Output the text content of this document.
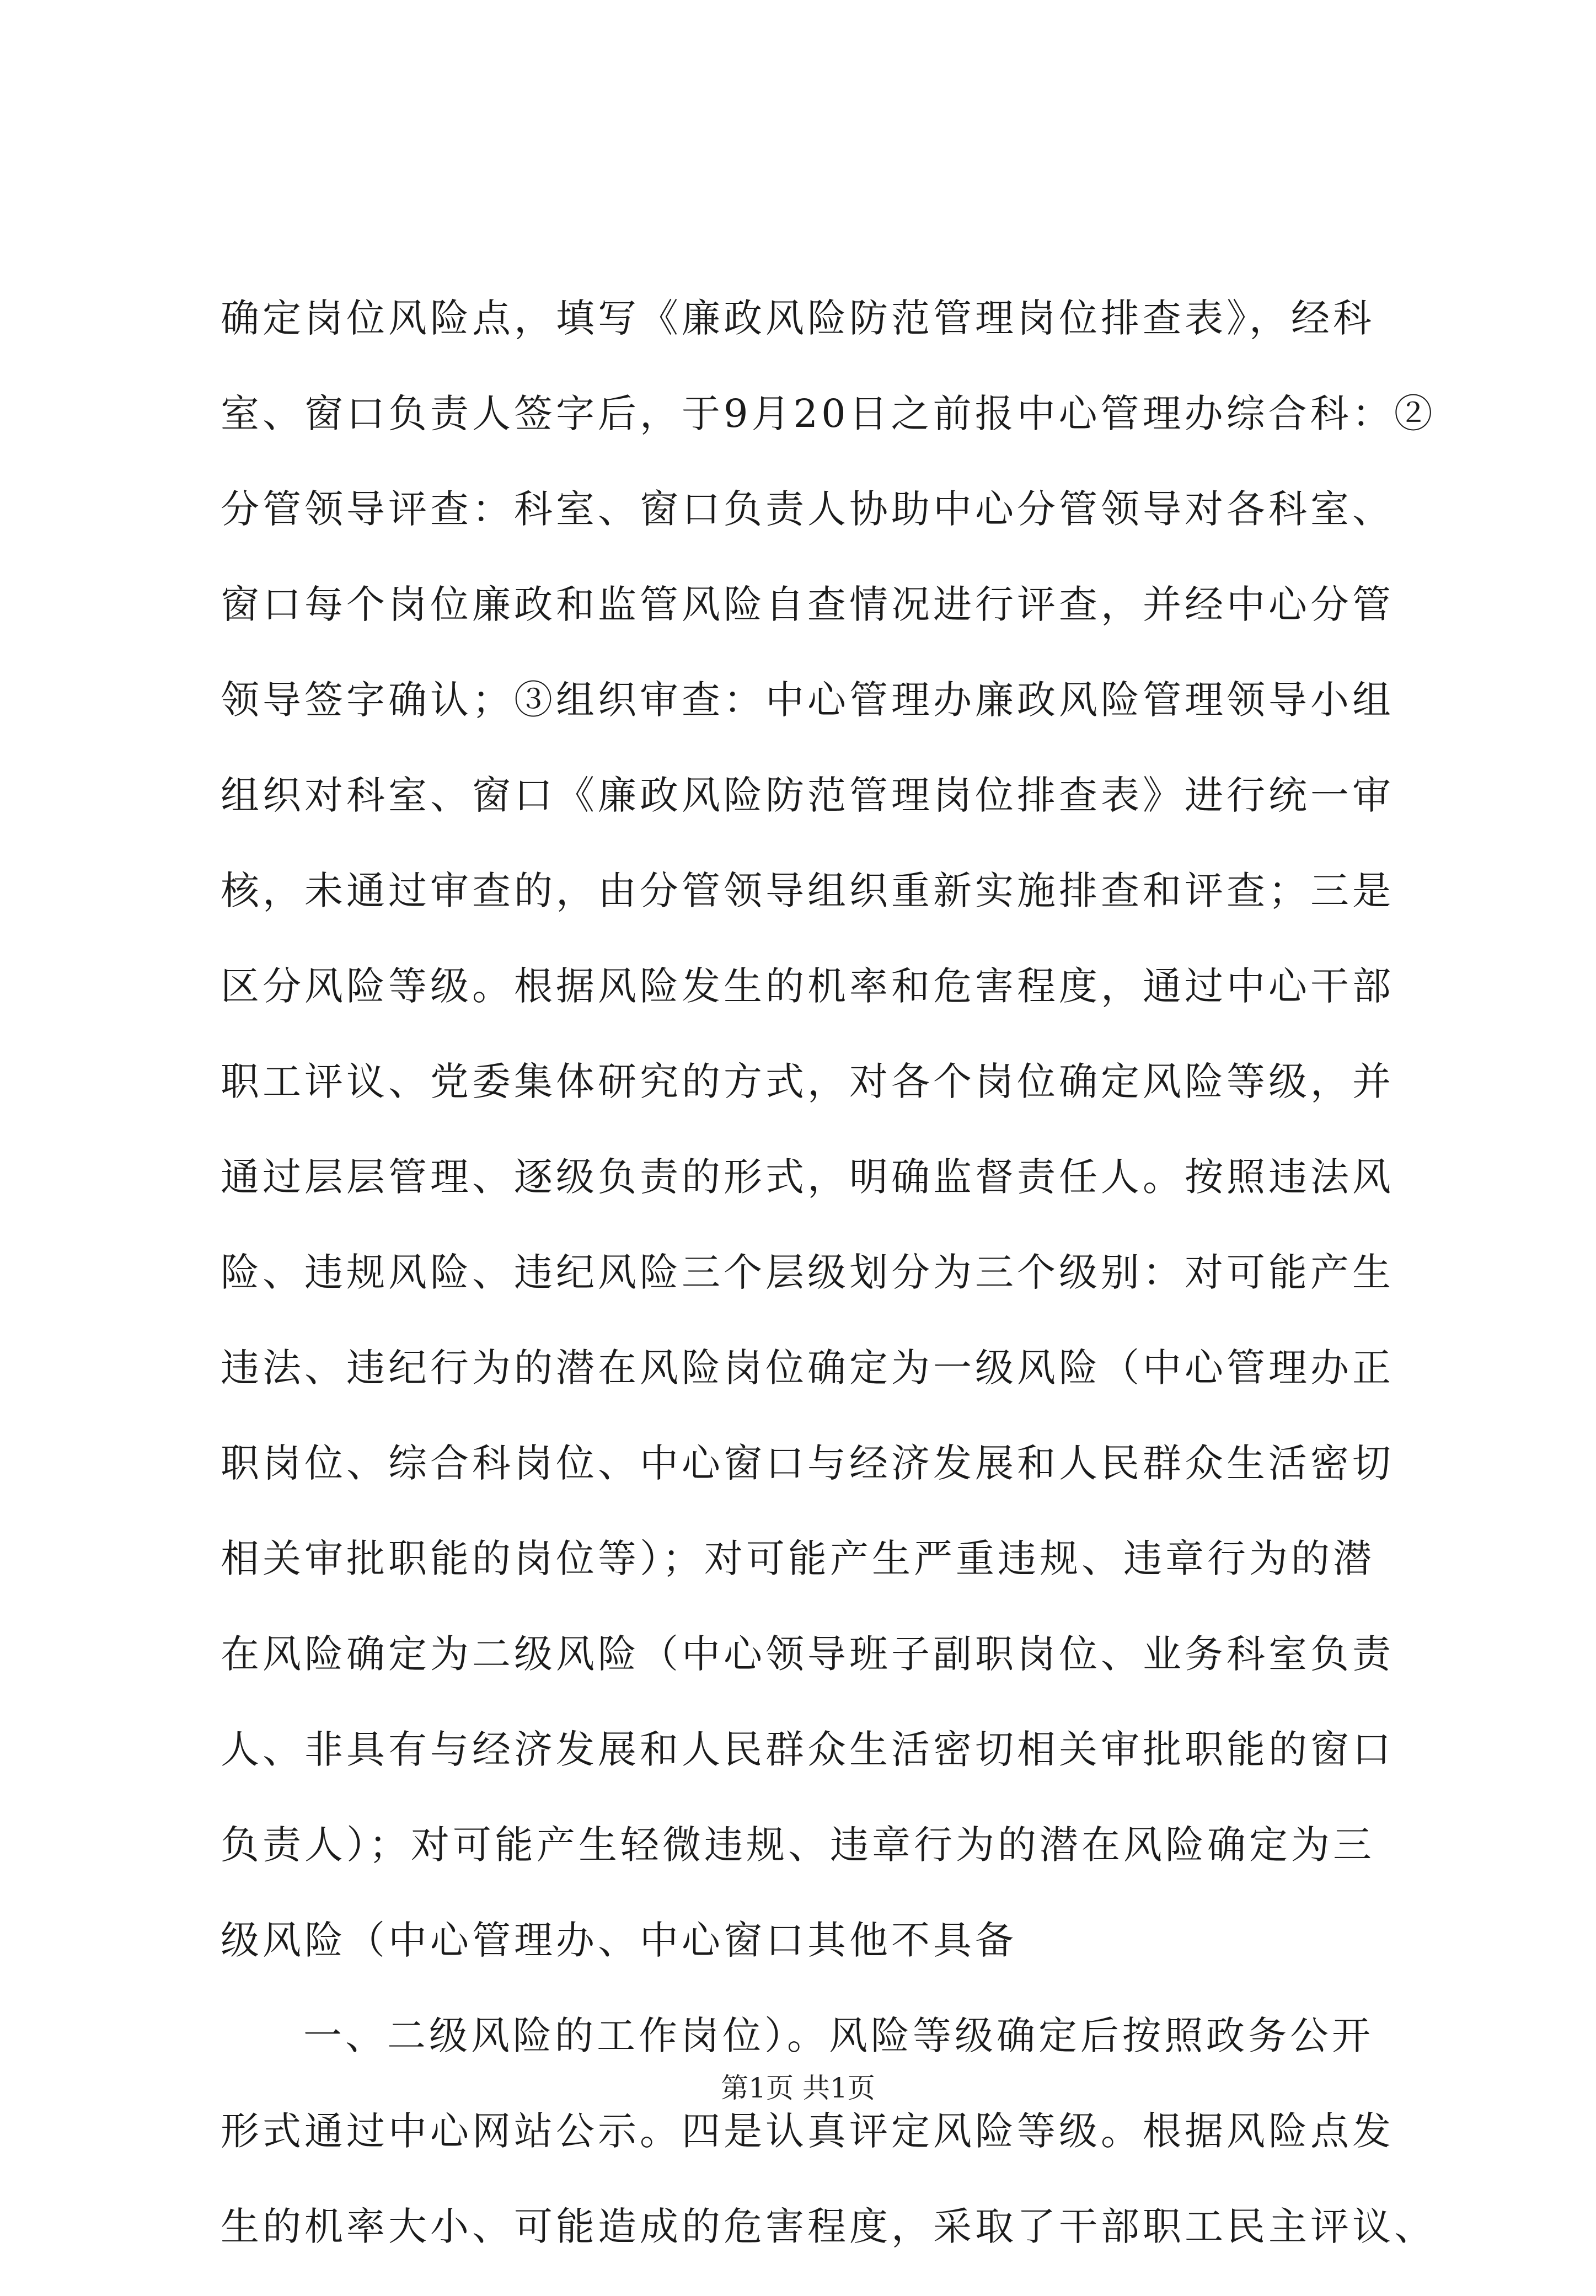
确定岗位风险点，填写《廉政风险防范管理岗位排查表》，经科
室、窗口负责人签字后，于9月20日之前报中心管理办综合科：②
分管领导评查：科室、窗口负责人协助中心分管领导对各科室、
窗口每个岗位廉政和监管风险自查情况进行评查，并经中心分管
领导签字确认；③组织审查：中心管理办廉政风险管理领导小组
组织对科室、窗口《廉政风险防范管理岗位排查表》进行统一审
核，未通过审查的，由分管领导组织重新实施排查和评查；三是
区分风险等级。根据风险发生的机率和危害程度，通过中心干部
职工评议、党委集体研究的方式，对各个岗位确定风险等级，并
通过层层管理、逐级负责的形式，明确监督责任人。按照违法风
险、违规风险、违纪风险三个层级划分为三个级别：对可能产生
违法、违纪行为的潜在风险岗位确定为一级风险（中心管理办正
职岗位、综合科岗位、中心窗口与经济发展和人民群众生活密切
相关审批职能的岗位等）；对可能产生严重违规、违章行为的潜
在风险确定为二级风险（中心领导班子副职岗位、业务科室负责
人、非具有与经济发展和人民群众生活密切相关审批职能的窗口
负责人）；对可能产生轻微违规、违章行为的潜在风险确定为三
级风险（中心管理办、中心窗口其他不具备
一、二级风险的工作岗位）。风险等级确定后按照政务公开
形式通过中心网站公示。四是认真评定风险等级。根据风险点发
生的机率大小、可能造成的危害程度，采取了干部职工民主评议、
第1页 共1页
